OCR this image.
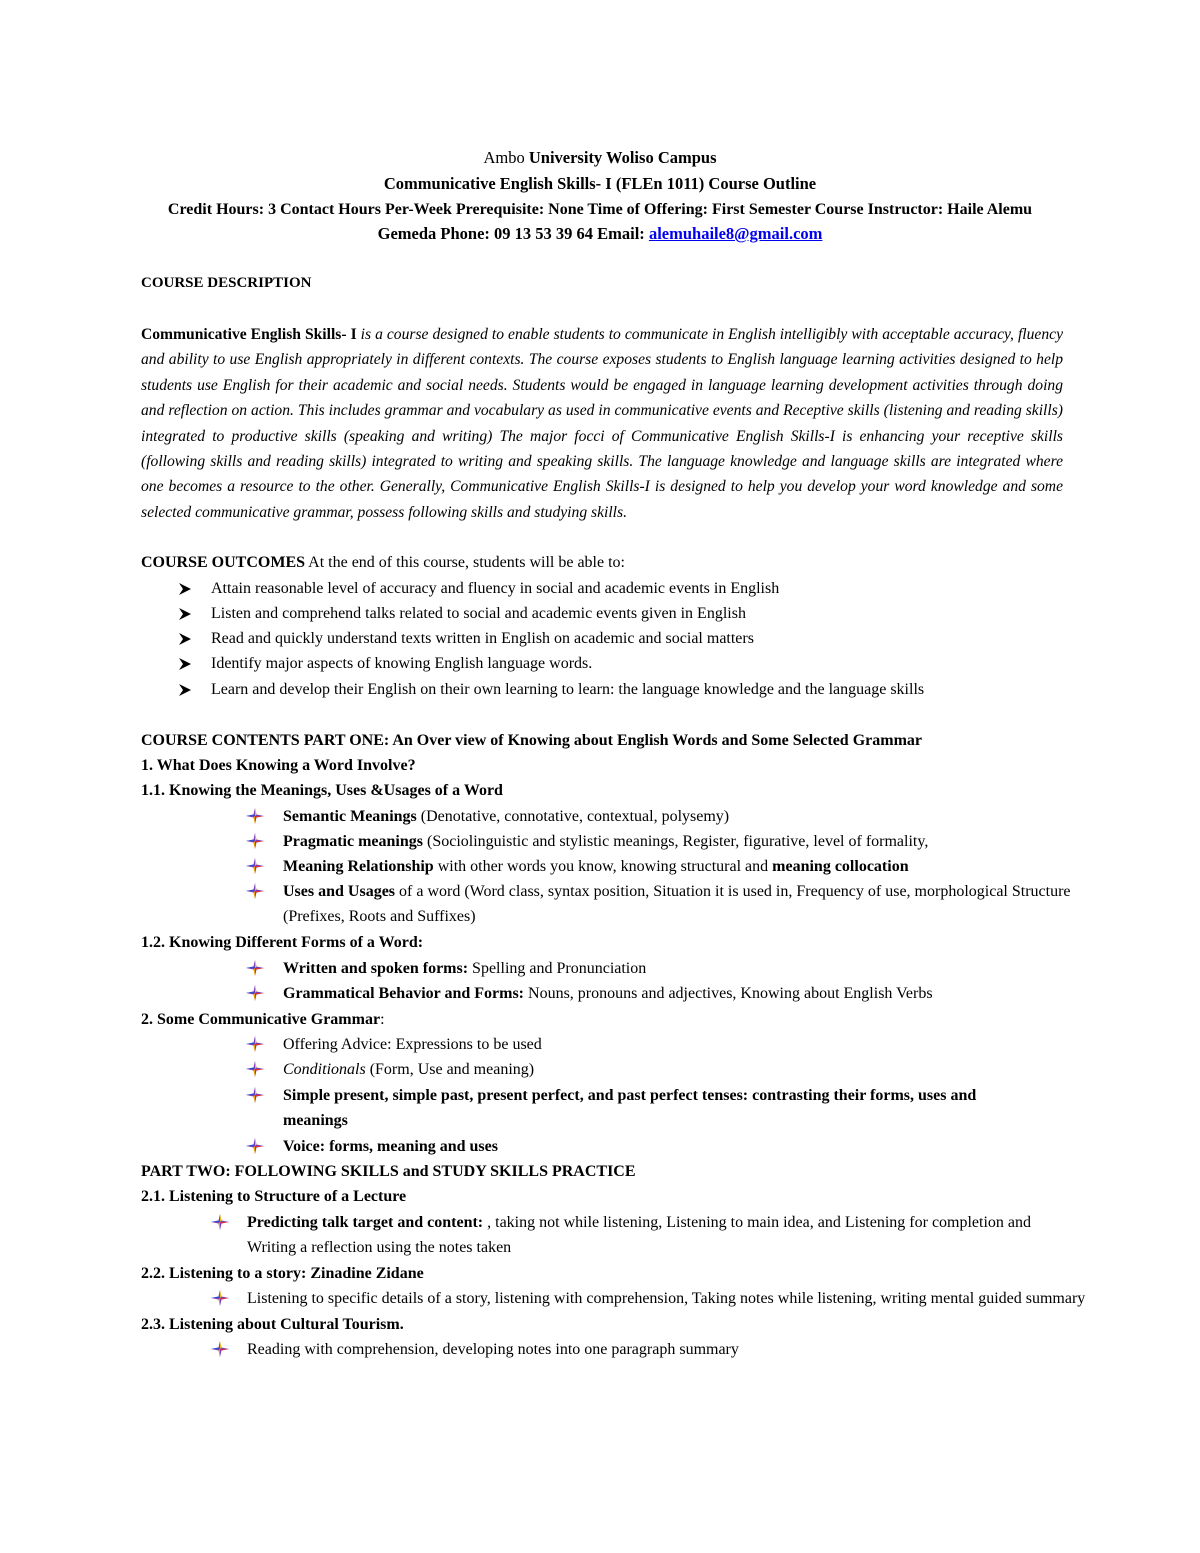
Ambo University Woliso Campus
Communicative English Skills- I (FLEn 1011) Course Outline
Credit Hours: 3 Contact Hours Per-Week Prerequisite: None Time of Offering: First Semester Course Instructor: Haile Alemu
Gemeda Phone: 09 13 53 39 64 Email: alemuhaile8@gmail.com
COURSE DESCRIPTION
Communicative English Skills- I is a course designed to enable students to communicate in English intelligibly with acceptable accuracy, fluency and ability to use English appropriately in different contexts. The course exposes students to English language learning activities designed to help students use English for their academic and social needs. Students would be engaged in language learning development activities through doing and reflection on action. This includes grammar and vocabulary as used in communicative events and Receptive skills (listening and reading skills) integrated to productive skills (speaking and writing) The major focci of Communicative English Skills-I is enhancing your receptive skills (following skills and reading skills) integrated to writing and speaking skills. The language knowledge and language skills are integrated where one becomes a resource to the other. Generally, Communicative English Skills-I is designed to help you develop your word knowledge and some selected communicative grammar, possess following skills and studying skills.
COURSE OUTCOMES At the end of this course, students will be able to:
Attain reasonable level of accuracy and fluency in social and academic events in English
Listen and comprehend talks related to social and academic events given in English
Read and quickly understand texts written in English on academic and social matters
Identify major aspects of knowing English language words.
Learn and develop their English on their own learning to learn: the language knowledge and the language skills
COURSE CONTENTS PART ONE: An Over view of Knowing about English Words and Some Selected Grammar
1. What Does Knowing a Word Involve?
1.1. Knowing the Meanings, Uses &Usages of a Word
Semantic Meanings (Denotative, connotative, contextual, polysemy)
Pragmatic meanings (Sociolinguistic and stylistic meanings, Register, figurative, level of formality,
Meaning Relationship with other words you know, knowing structural and meaning collocation
Uses and Usages of a word (Word class, syntax position, Situation it is used in, Frequency of use, morphological Structure
(Prefixes, Roots and Suffixes)
1.2. Knowing Different Forms of a Word:
Written and spoken forms: Spelling and Pronunciation
Grammatical Behavior and Forms: Nouns, pronouns and adjectives, Knowing about English Verbs
2. Some Communicative Grammar:
Offering Advice: Expressions to be used
Conditionals (Form, Use and meaning)
Simple present, simple past, present perfect, and past perfect tenses: contrasting their forms, uses and
meanings
Voice: forms, meaning and uses
PART TWO: FOLLOWING SKILLS and STUDY SKILLS PRACTICE
2.1. Listening to Structure of a Lecture
Predicting talk target and content: , taking not while listening, Listening to main idea, and Listening for completion and
Writing a reflection using the notes taken
2.2. Listening to a story: Zinadine Zidane
Listening to specific details of a story, listening with comprehension, Taking notes while listening, writing mental guided summary
2.3. Listening about Cultural Tourism.
Reading with comprehension, developing notes into one paragraph summary
